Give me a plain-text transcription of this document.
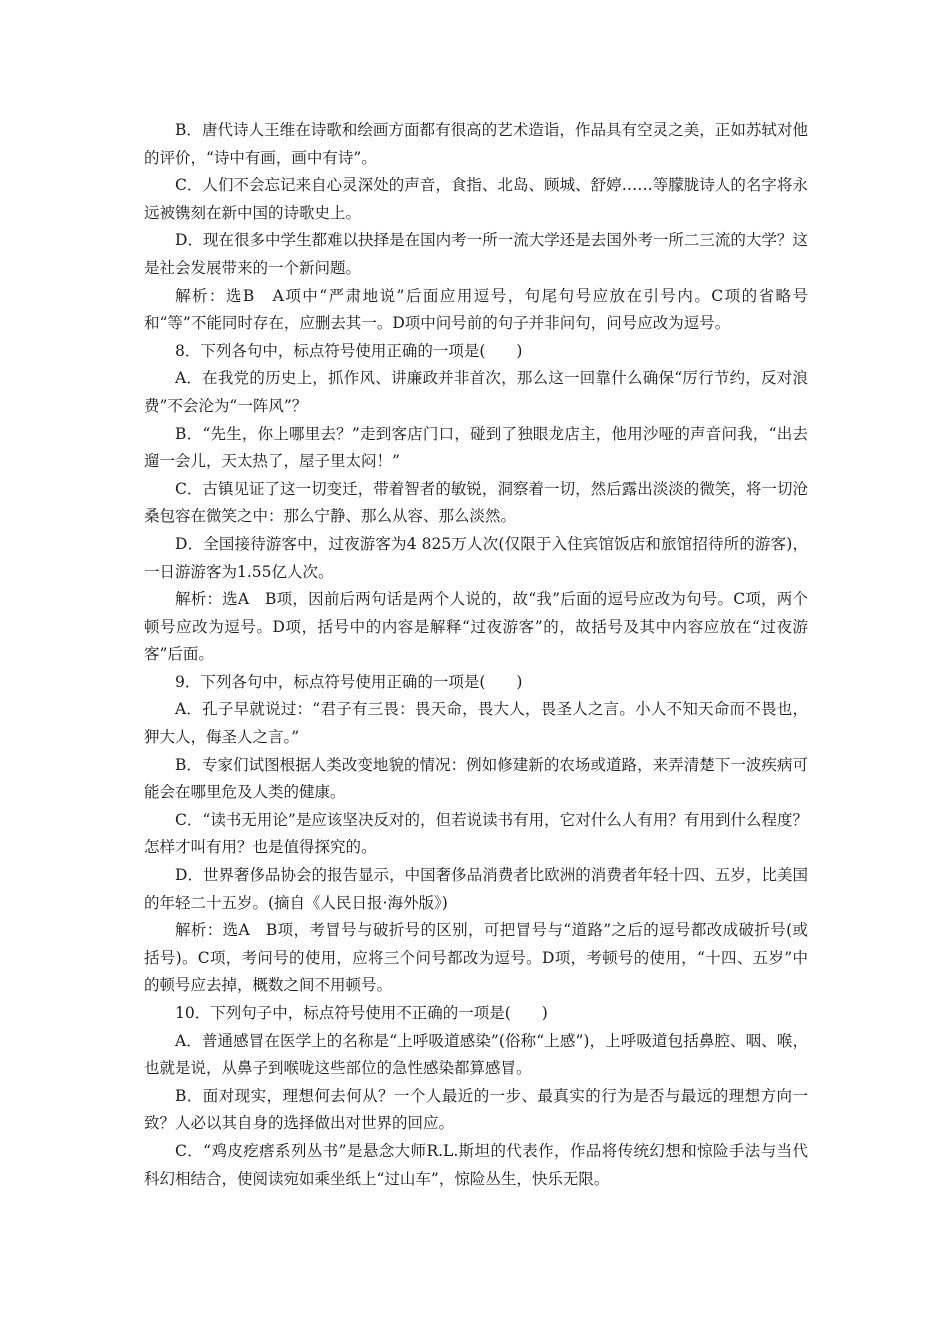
B．唐代诗人王维在诗歌和绘画方面都有很高的艺术造诣，作品具有空灵之美，正如苏轼对他的评价，“诗中有画，画中有诗”。

C．人们不会忘记来自心灵深处的声音，食指、北岛、顾城、舒婷……等朦胧诗人的名字将永远被镌刻在新中国的诗歌史上。

D．现在很多中学生都难以抉择是在国内考一所一流大学还是去国外考一所二三流的大学？这是社会发展带来的一个新问题。

解析：选B　A项中“严肃地说”后面应用逗号，句尾句号应放在引号内。C项的省略号和“等”不能同时存在，应删去其一。D项中问号前的句子并非问句，问号应改为逗号。

8．下列各句中，标点符号使用正确的一项是(　　)

A．在我党的历史上，抓作风、讲廉政并非首次，那么这一回靠什么确保“厉行节约，反对浪费”不会沦为“一阵风”？

B．“先生，你上哪里去？”走到客店门口，碰到了独眼龙店主，他用沙哑的声音问我，“出去遛一会儿，天太热了，屋子里太闷！”

C．古镇见证了这一切变迁，带着智者的敏锐，洞察着一切，然后露出淡淡的微笑，将一切沧桑包容在微笑之中：那么宁静、那么从容、那么淡然。

D．全国接待游客中，过夜游客为4 825万人次(仅限于入住宾馆饭店和旅馆招待所的游客)，一日游游客为1.55亿人次。

解析：选A　B项，因前后两句话是两个人说的，故“我”后面的逗号应改为句号。C项，两个顿号应改为逗号。D项，括号中的内容是解释“过夜游客”的，故括号及其中内容应放在“过夜游客”后面。

9．下列各句中，标点符号使用正确的一项是(　　)

A．孔子早就说过：“君子有三畏：畏天命，畏大人，畏圣人之言。小人不知天命而不畏也，狎大人，侮圣人之言。”

B．专家们试图根据人类改变地貌的情况：例如修建新的农场或道路，来弄清楚下一波疾病可能会在哪里危及人类的健康。

C．“读书无用论”是应该坚决反对的，但若说读书有用，它对什么人有用？有用到什么程度？怎样才叫有用？也是值得探究的。

D．世界奢侈品协会的报告显示，中国奢侈品消费者比欧洲的消费者年轻十四、五岁，比美国的年轻二十五岁。(摘自《人民日报·海外版》)

解析：选A　B项，考冒号与破折号的区别，可把冒号与“道路”之后的逗号都改成破折号(或括号)。C项，考问号的使用，应将三个问号都改为逗号。D项，考顿号的使用，“十四、五岁”中的顿号应去掉，概数之间不用顿号。

10．下列句子中，标点符号使用不正确的一项是(　　)

A．普通感冒在医学上的名称是“上呼吸道感染”(俗称“上感”)，上呼吸道包括鼻腔、咽、喉，也就是说，从鼻子到喉咙这些部位的急性感染都算感冒。

B．面对现实，理想何去何从？一个人最近的一步、最真实的行为是否与最远的理想方向一致？人必以其自身的选择做出对世界的回应。

C．“鸡皮疙瘩系列丛书”是悬念大师R.L.斯坦的代表作，作品将传统幻想和惊险手法与当代科幻相结合，使阅读宛如乘坐纸上“过山车”，惊险丛生，快乐无限。
